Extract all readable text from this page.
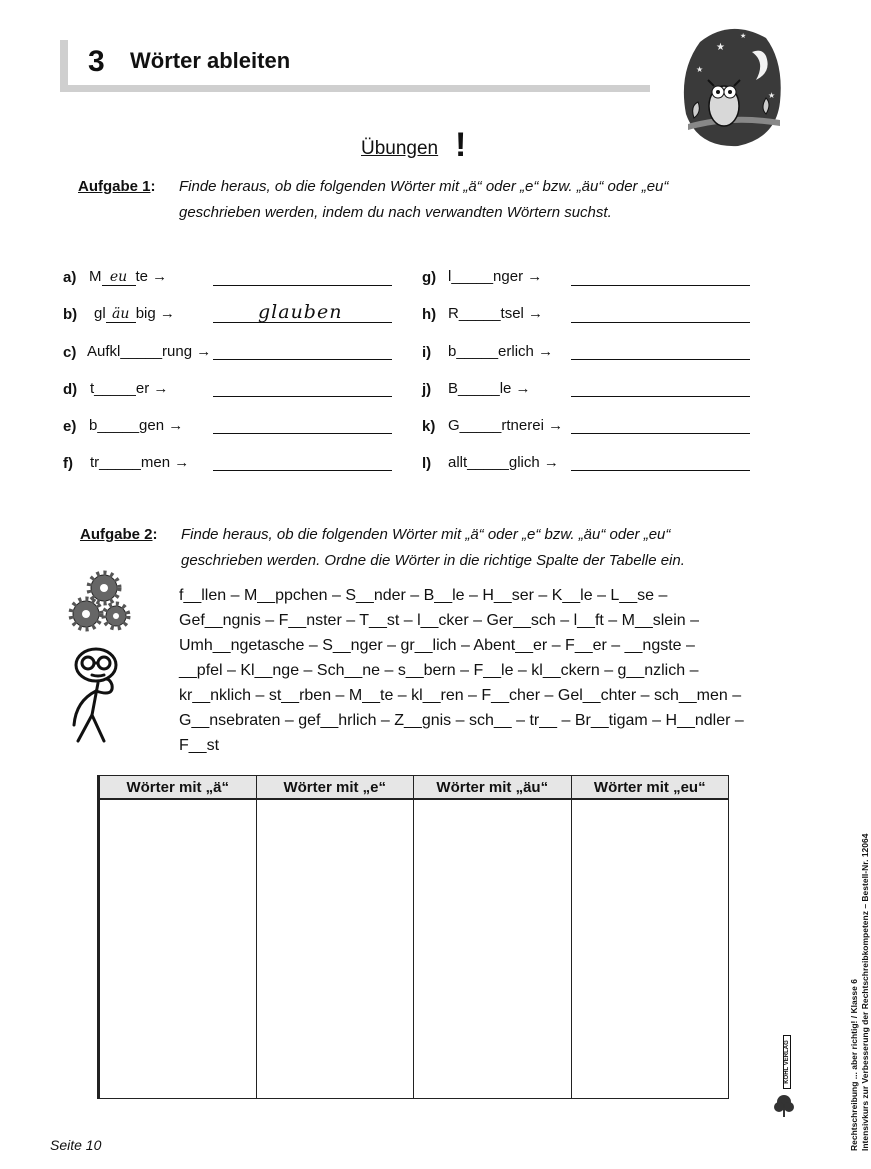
3 Wörter ableiten
★
★
★
★
Übungen !
Aufgabe 1: Finde heraus, ob die folgenden Wörter mit „ä“ oder „e“ bzw. „äu“ oder „eu“
geschrieben werden, indem du nach verwandten Wörtern suchst.
a) M eu te →
b) gl äu big →	glauben
c) Aufkl_____rung →
d) t_____er →
e) b_____gen →
f) tr_____men →
g) l_____nger →
h) R_____tsel →
i) b_____erlich →
j) B_____le →
k) G_____rtnerei →
l) allt_____glich →
Aufgabe 2: Finde heraus, ob die folgenden Wörter mit „ä“ oder „e“ bzw. „äu“ oder „eu“
geschrieben werden. Ordne die Wörter in die richtige Spalte der Tabelle ein.
f__llen – M__ppchen – S__nder – B__le – H__ser – K__le – L__se –
Gef__ngnis – F__nster – T__st – l__cker – Ger__sch – l__ft – M__slein –
Umh__ngetasche – S__nger – gr__lich – Abent__er – F__er – __ngste –
__pfel – Kl__nge – Sch__ne – s__bern – F__le – kl__ckern – g__nzlich –
kr__nklich – st__rben – M__te – kl__ren – F__cher – Gel__chter – sch__men –
G__nsebraten – gef__hrlich – Z__gnis – sch__ – tr__ – Br__tigam – H__ndler –
F__st
Wörter mit „ä“	Wörter mit „e“	Wörter mit „äu“	Wörter mit „eu“

Rechtschreibung ... aber richtig! / Klasse 6 Intensivkurs zur Verbesserung der Rechtschreibkompetenz – Bestell-Nr. 12064
KOHL VERLAG
Seite 10
